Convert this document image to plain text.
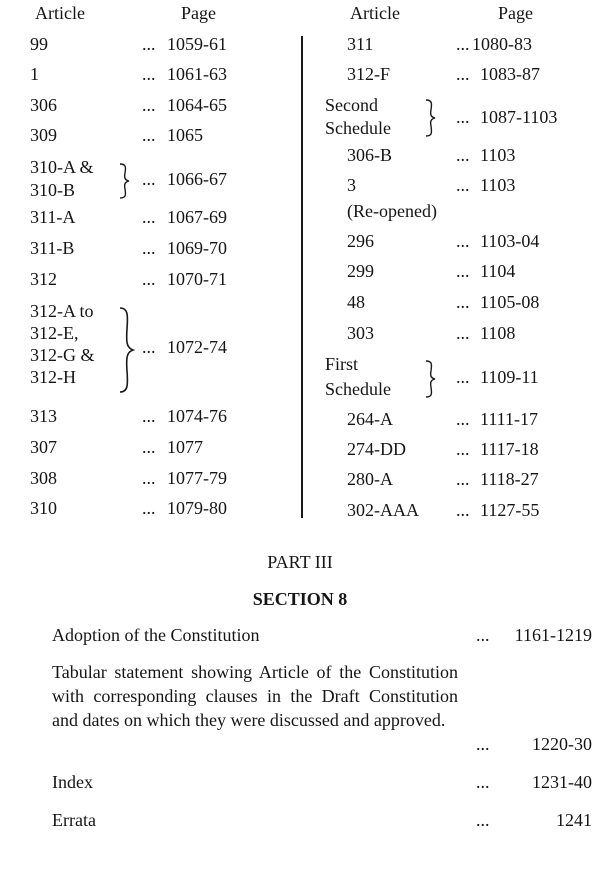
Article	Page
99	... 1059-61
1	... 1061-63
306	... 1064-65
309	... 1065
310-A &
310-B
... 1066-67
311-A	... 1067-69
311-B	... 1069-70
312	... 1070-71
312-A to
312-E,
312-G &
312-H
... 1072-74
313	... 1074-76
307	... 1077
308	... 1077-79
310	... 1079-80
Article	Page
311	... 1080-83
312-F	... 1083-87
Second
Schedule
... 1087-1103
306-B	... 1103
3
(Re-opened)
... 1103
296	... 1103-04
299	... 1104
48	... 1105-08
303	... 1108
First
Schedule
... 1109-11
264-A	... 1111-17
274-DD	... 1117-18
280-A	... 1118-27
302-AAA ... 1127-55
PART III
SECTION 8
Adoption of the Constitution	... 1161-1219
Tabular statement showing Article of the Constitution with corresponding clauses in the Draft Constitution and dates on which they were discussed and approved.
... 1220-30
Index	... 1231-40
Errata	...	1241
